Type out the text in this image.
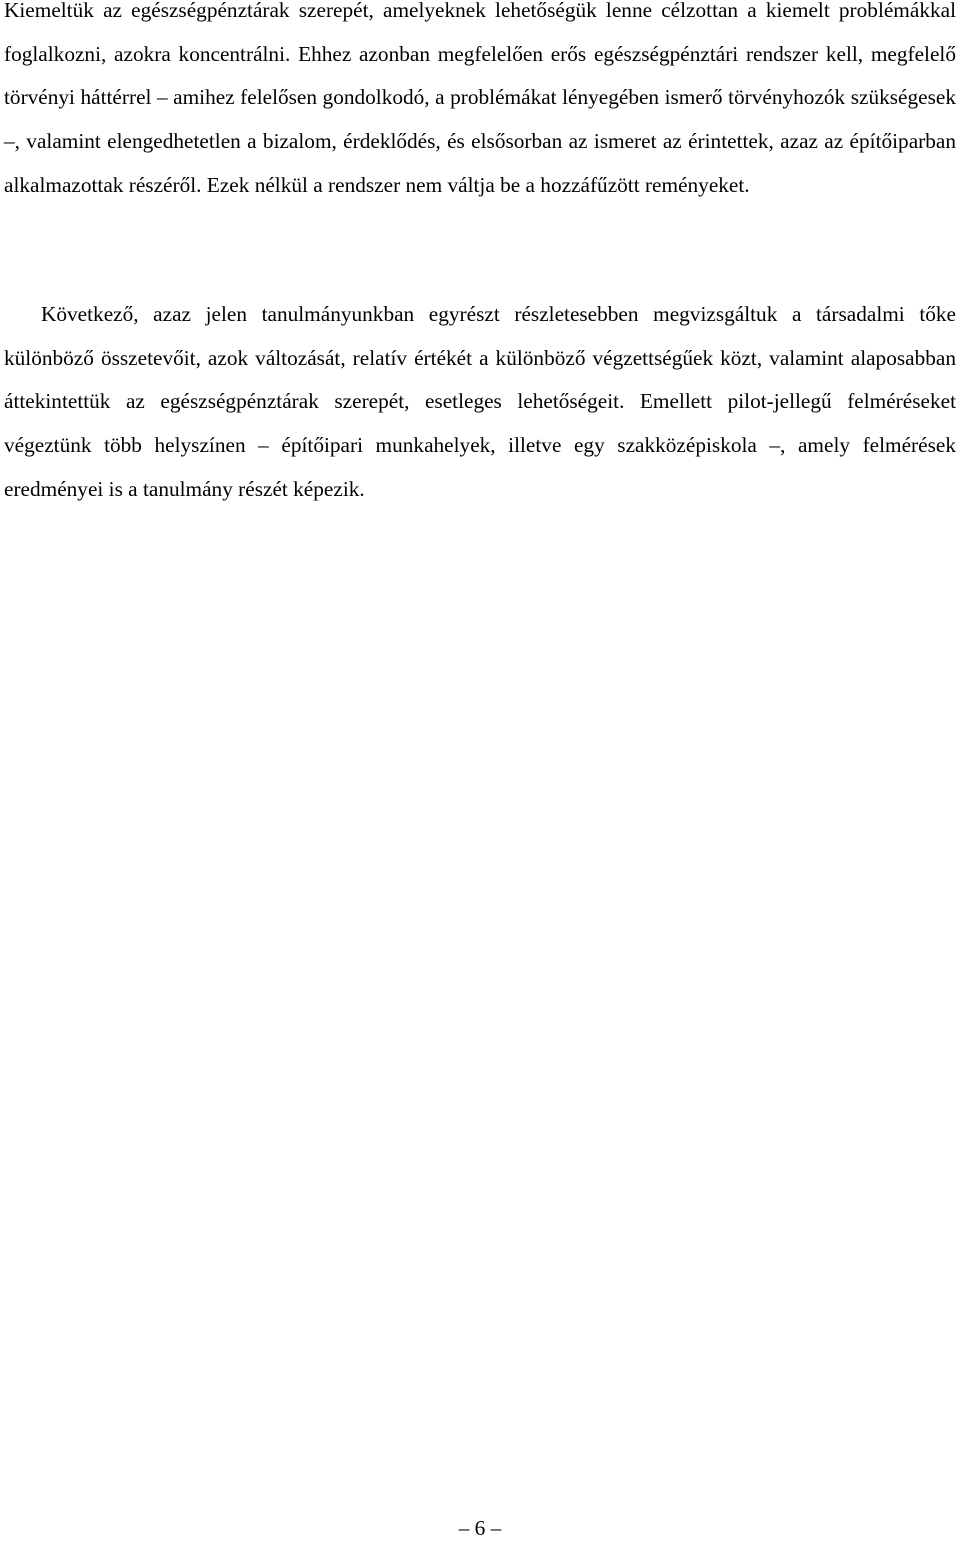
Kiemeltük az egészségpénztárak szerepét, amelyeknek lehetőségük lenne célzottan a kiemelt problémákkal foglalkozni, azokra koncentrálni. Ehhez azonban megfelelően erős egészségpénztári rendszer kell, megfelelő törvényi háttérrel – amihez felelősen gondolkodó, a problémákat lényegében ismerő törvényhozók szükségesek –, valamint elengedhetetlen a bizalom, érdeklődés, és elsősorban az ismeret az érintettek, azaz az építőiparban alkalmazottak részéről. Ezek nélkül a rendszer nem váltja be a hozzáfűzött reményeket.

Következő, azaz jelen tanulmányunkban egyrészt részletesebben megvizsgáltuk a társadalmi tőke különböző összetevőit, azok változását, relatív értékét a különböző végzettségűek közt, valamint alaposabban áttekintettük az egészségpénztárak szerepét, esetleges lehetőségeit. Emellett pilot-jellegű felméréseket végeztünk több helyszínen – építőipari munkahelyek, illetve egy szakközépiskola –, amely felmérések eredményei is a tanulmány részét képezik.

– 6 –
